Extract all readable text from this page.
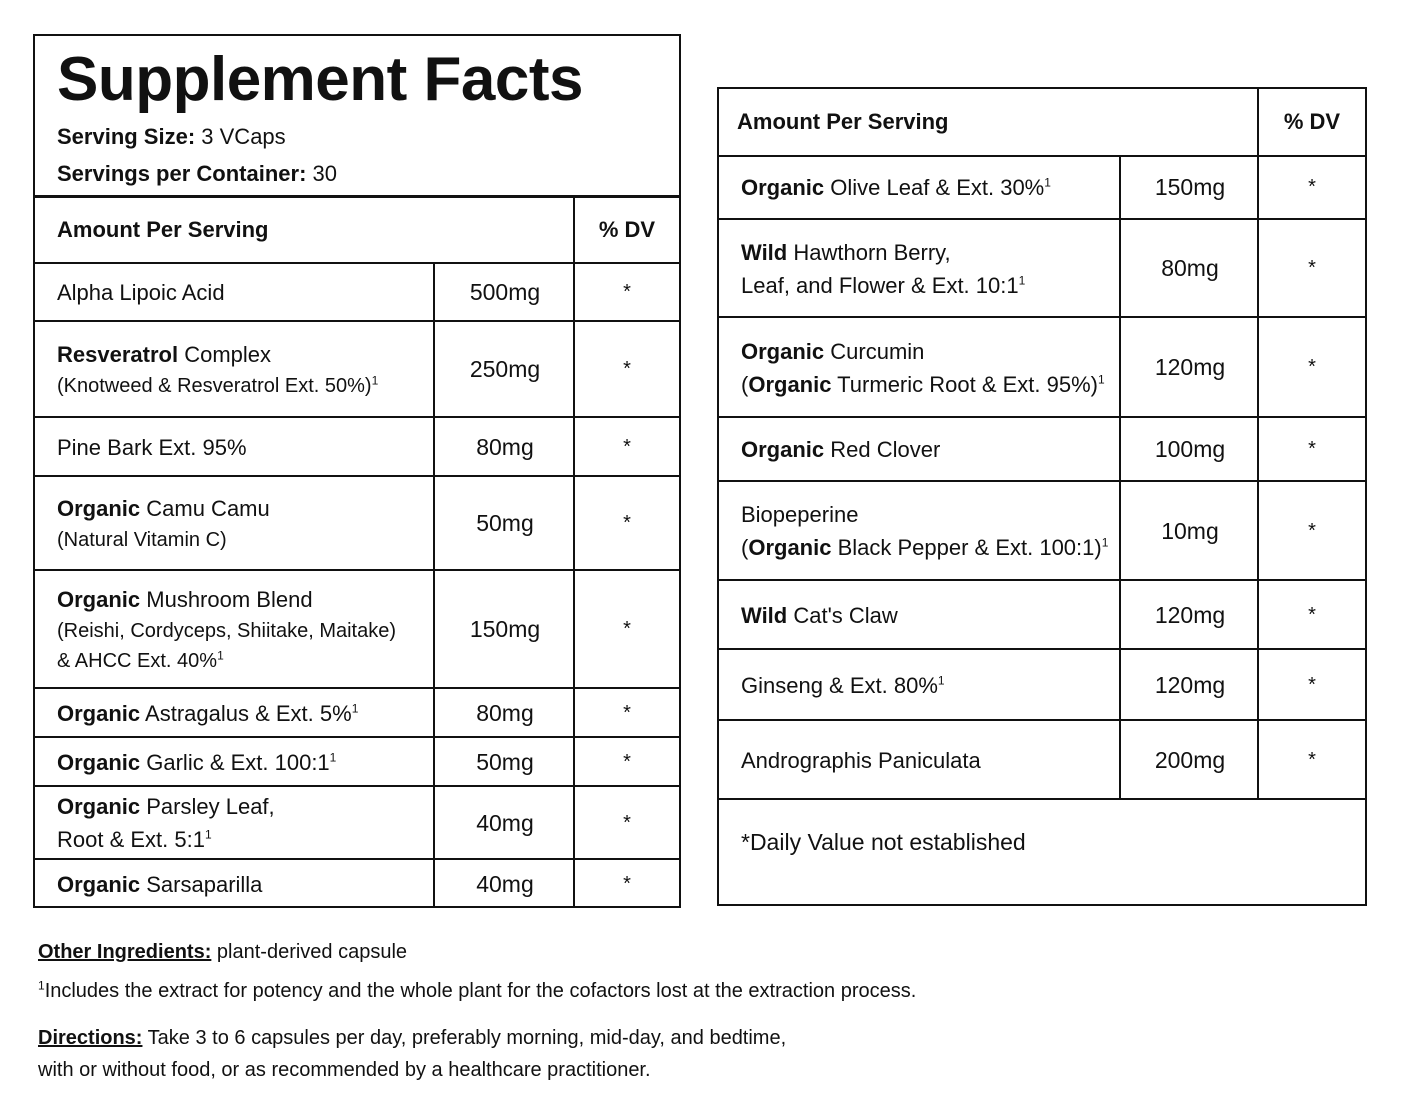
Supplement Facts
Serving Size: 3 VCaps
Servings per Container: 30
Amount Per Serving	% DV
Alpha Lipoic Acid	500mg	*
Resveratrol Complex
(Knotweed & Resveratrol Ext. 50%)$^1$	250mg	*
Pine Bark Ext. 95%	80mg	*
Organic Camu Camu
(Natural Vitamin C)
50mg	*
Organic Mushroom Blend
(Reishi, Cordyceps, Shiitake, Maitake)
& AHCC Ext. 40%$^1$
150mg	*
Organic Astragalus & Ext. 5%$^1$	80mg	*
Organic Garlic & Ext. $100:1^1$	50mg	*
Organic Parsley Leaf,
Root & Ext. $5:1^1$	40mg	*
Organic Sarsaparilla	40mg	*
Amount Per Serving	% DV
Organic Olive Leaf & Ext. 30%$^1$	150mg	*
Wild Hawthorn Berry,
Leaf, and Flower & Ext. $10:1^1$	80mg	*
Organic Curcumin
(Organic Turmeric Root & Ext. 95%)$^1$	120mg	*
Organic Red Clover	100mg	*
Biopeperine
(Organic Black Pepper & Ext. 100:1)$^1$	10mg	*
Wild Cat's Claw	120mg	*
Ginseng & Ext. 80%$^1$	120mg	*
Andrographis Paniculata	200mg	*
*Daily Value not established
Other Ingredients: plant-derived capsule
$^1$Includes the extract for potency and the whole plant for the cofactors lost at the extraction process.
Directions: Take 3 to 6 capsules per day, preferably morning, mid-day, and bedtime,
with or without food, or as recommended by a healthcare practitioner.
